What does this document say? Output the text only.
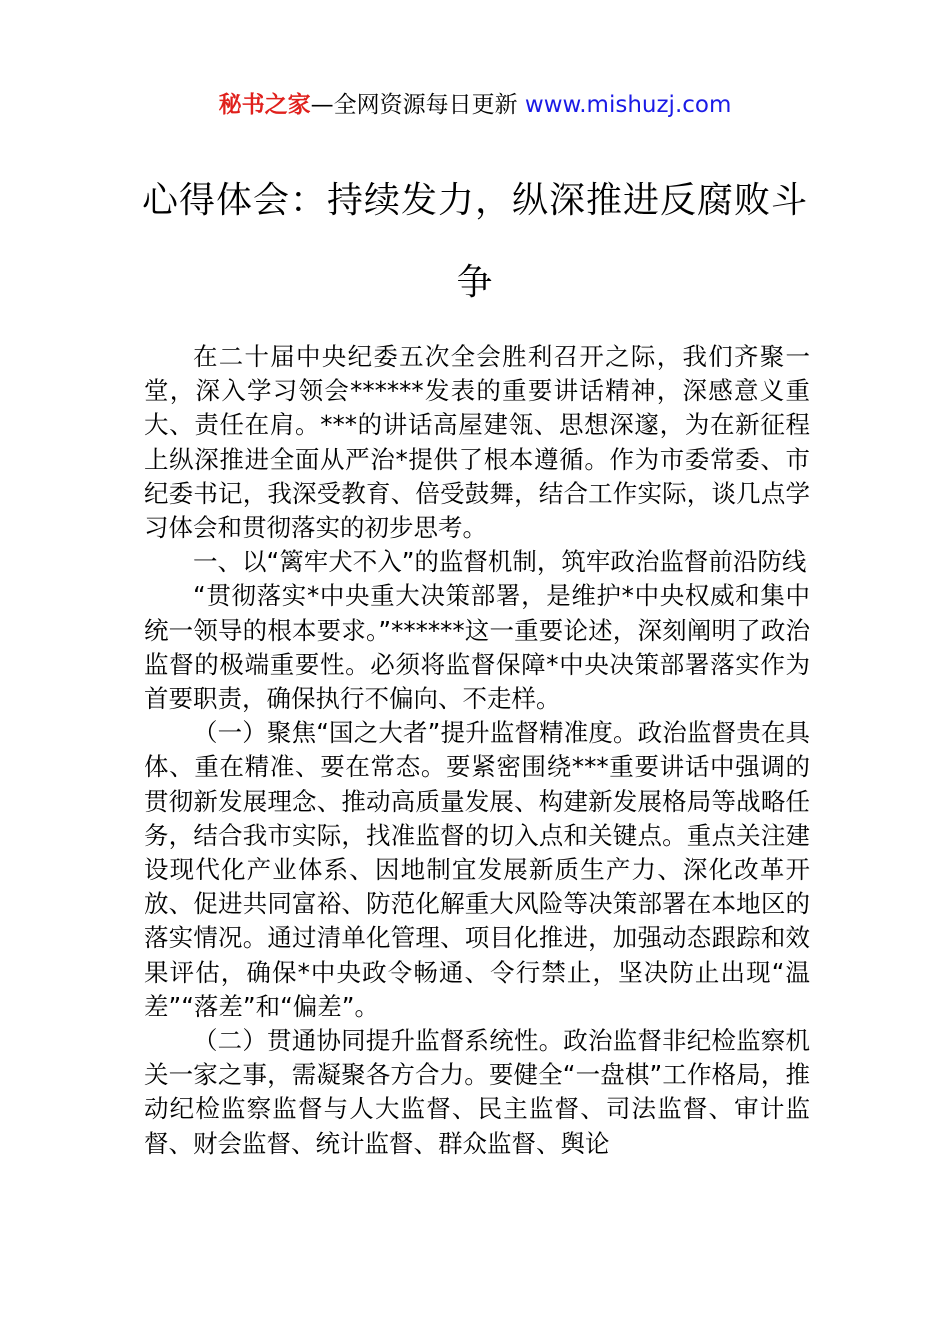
秘书之家—全网资源每日更新 www.mishuzj.com
心得体会：持续发力，纵深推进反腐败斗争

在二十届中央纪委五次全会胜利召开之际，我们齐聚一堂，深入学习领会******发表的重要讲话精神，深感意义重大、责任在肩。***的讲话高屋建瓴、思想深邃，为在新征程上纵深推进全面从严治*提供了根本遵循。作为市委常委、市纪委书记，我深受教育、倍受鼓舞，结合工作实际，谈几点学习体会和贯彻落实的初步思考。

一、以“篱牢犬不入”的监督机制，筑牢政治监督前沿防线

“贯彻落实*中央重大决策部署，是维护*中央权威和集中统一领导的根本要求。”******这一重要论述，深刻阐明了政治监督的极端重要性。必须将监督保障*中央决策部署落实作为首要职责，确保执行不偏向、不走样。

（一）聚焦“国之大者”提升监督精准度。政治监督贵在具体、重在精准、要在常态。要紧密围绕***重要讲话中强调的贯彻新发展理念、推动高质量发展、构建新发展格局等战略任务，结合我市实际，找准监督的切入点和关键点。重点关注建设现代化产业体系、因地制宜发展新质生产力、深化改革开放、促进共同富裕、防范化解重大风险等决策部署在本地区的落实情况。通过清单化管理、项目化推进，加强动态跟踪和效果评估，确保*中央政令畅通、令行禁止，坚决防止出现“温差”“落差”和“偏差”。

（二）贯通协同提升监督系统性。政治监督非纪检监察机关一家之事，需凝聚各方合力。要健全“一盘棋”工作格局，推动纪检监察监督与人大监督、民主监督、司法监督、审计监督、财会监督、统计监督、群众监督、舆论
